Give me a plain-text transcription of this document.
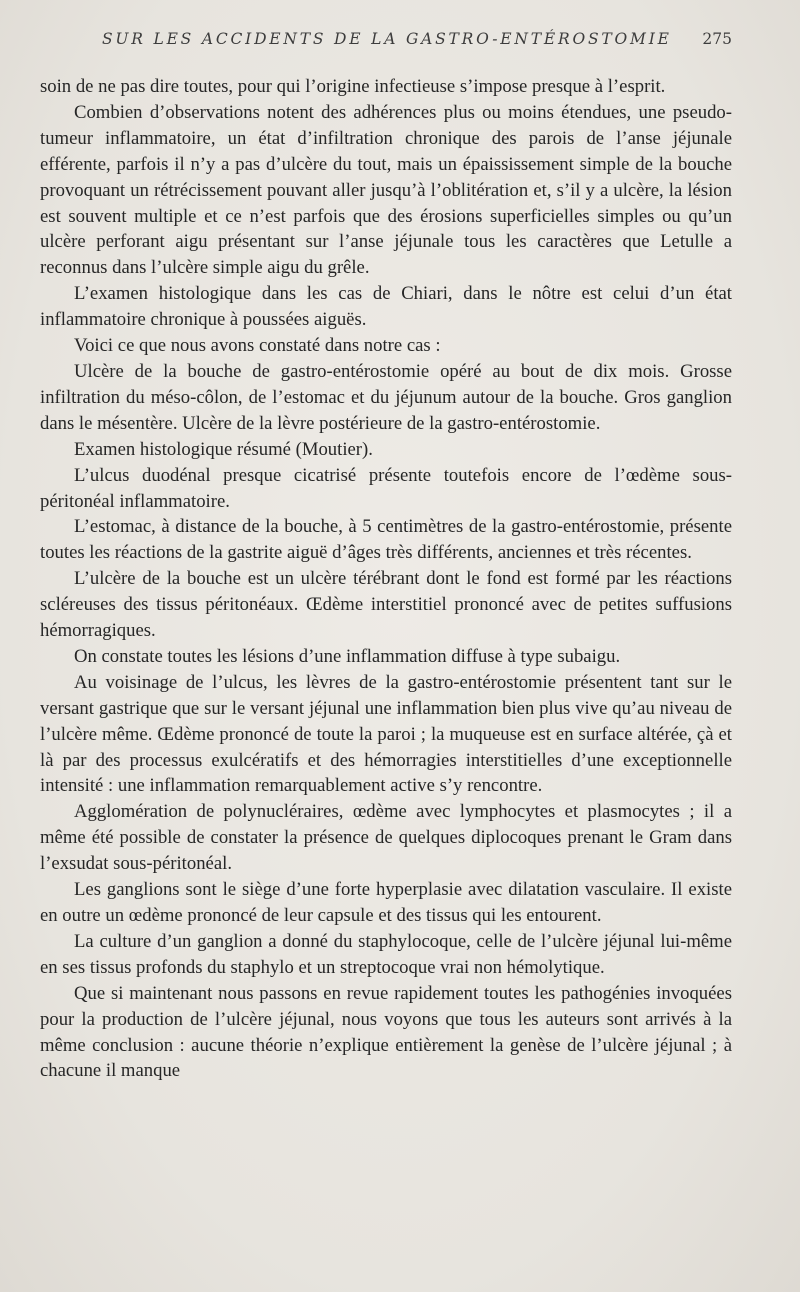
SUR LES ACCIDENTS DE LA GASTRO-ENTÉROSTOMIE 275

soin de ne pas dire toutes, pour qui l’origine infectieuse s’impose presque à l’esprit.

Combien d’observations notent des adhérences plus ou moins étendues, une pseudo-tumeur inflammatoire, un état d’infiltration chronique des parois de l’anse jéjunale efférente, parfois il n’y a pas d’ulcère du tout, mais un épaississement simple de la bouche provoquant un rétrécissement pouvant aller jusqu’à l’oblitération et, s’il y a ulcère, la lésion est souvent multiple et ce n’est parfois que des érosions superficielles simples ou qu’un ulcère perforant aigu présentant sur l’anse jéjunale tous les caractères que Letulle a reconnus dans l’ulcère simple aigu du grêle.

L’examen histologique dans les cas de Chiari, dans le nôtre est celui d’un état inflammatoire chronique à poussées aiguës.

Voici ce que nous avons constaté dans notre cas :

Ulcère de la bouche de gastro-entérostomie opéré au bout de dix mois. Grosse infiltration du méso-côlon, de l’estomac et du jéjunum autour de la bouche. Gros ganglion dans le mésentère. Ulcère de la lèvre postérieure de la gastro-entérostomie.

Examen histologique résumé (Moutier).

L’ulcus duodénal presque cicatrisé présente toutefois encore de l’œdème sous-péritonéal inflammatoire.

L’estomac, à distance de la bouche, à 5 centimètres de la gastro-entérostomie, présente toutes les réactions de la gastrite aiguë d’âges très différents, anciennes et très récentes.

L’ulcère de la bouche est un ulcère térébrant dont le fond est formé par les réactions scléreuses des tissus péritonéaux. Œdème interstitiel prononcé avec de petites suffusions hémorragiques.

On constate toutes les lésions d’une inflammation diffuse à type subaigu.

Au voisinage de l’ulcus, les lèvres de la gastro-entérostomie présentent tant sur le versant gastrique que sur le versant jéjunal une inflammation bien plus vive qu’au niveau de l’ulcère même. Œdème prononcé de toute la paroi ; la muqueuse est en surface altérée, çà et là par des processus exulcératifs et des hémorragies interstitielles d’une exceptionnelle intensité : une inflammation remarquablement active s’y rencontre.

Agglomération de polynucléraires, œdème avec lymphocytes et plasmocytes ; il a même été possible de constater la présence de quelques diplocoques prenant le Gram dans l’exsudat sous-péritonéal.

Les ganglions sont le siège d’une forte hyperplasie avec dilatation vasculaire. Il existe en outre un œdème prononcé de leur capsule et des tissus qui les entourent.

La culture d’un ganglion a donné du staphylocoque, celle de l’ulcère jéjunal lui-même en ses tissus profonds du staphylo et un streptocoque vrai non hémolytique.

Que si maintenant nous passons en revue rapidement toutes les pathogénies invoquées pour la production de l’ulcère jéjunal, nous voyons que tous les auteurs sont arrivés à la même conclusion : aucune théorie n’explique entièrement la genèse de l’ulcère jéjunal ; à chacune il manque
